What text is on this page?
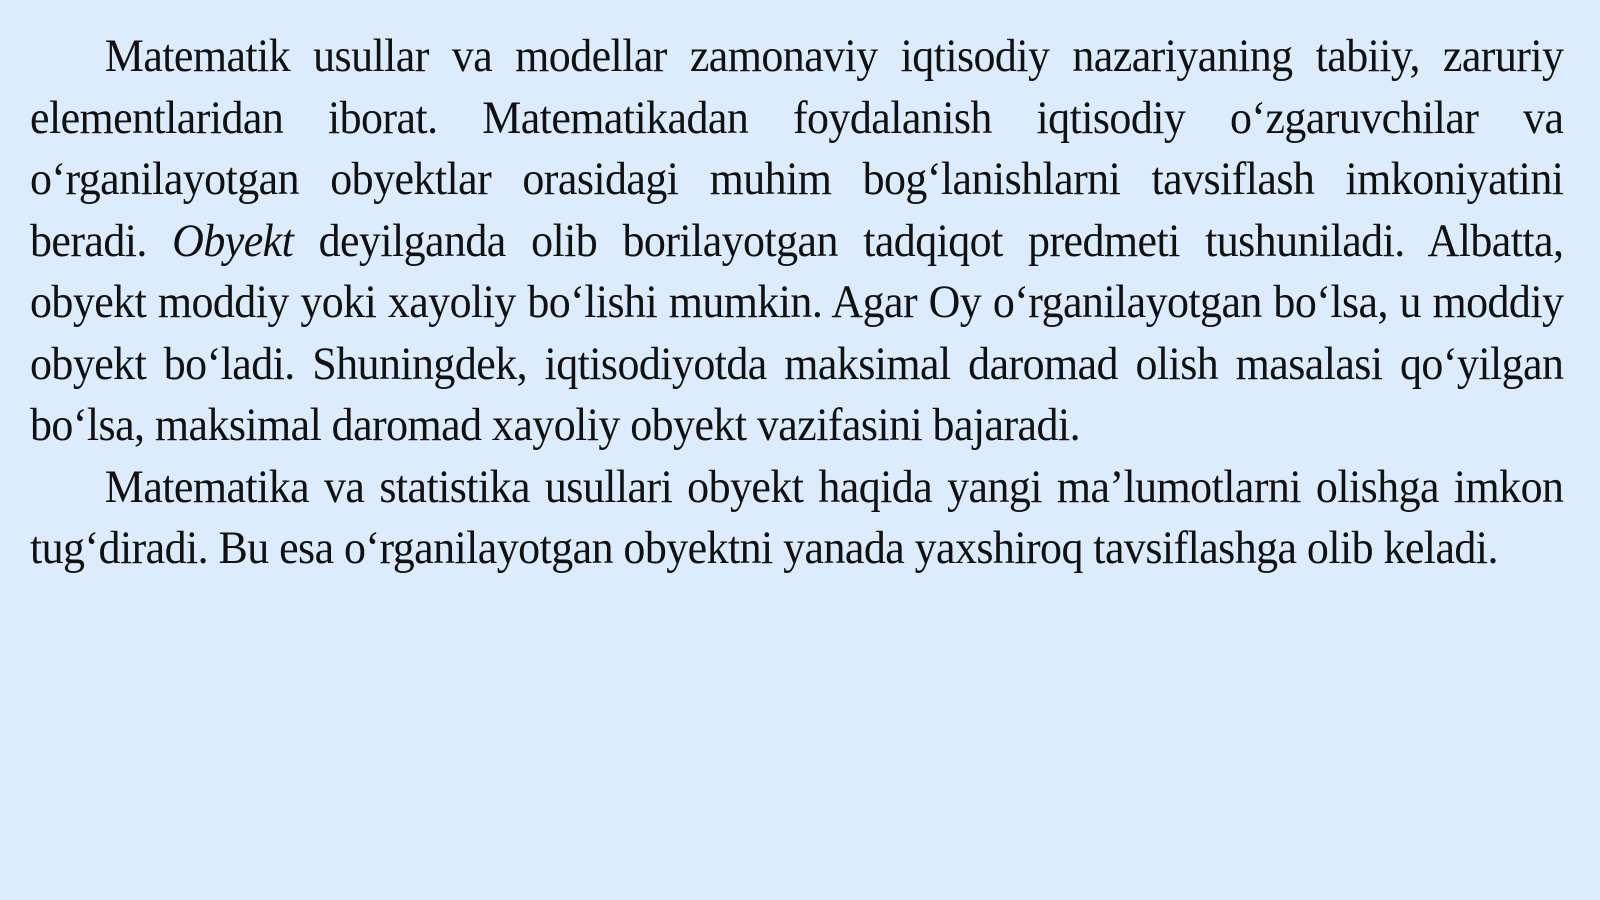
Matematik usullar va modellar zamonaviy iqtisodiy nazariyaning tabiiy, zaruriy elementlaridan iborat. Matematikadan foydalanish iqtisodiy o‘zgaruvchilar va o‘rganilayotgan obyektlar orasidagi muhim bog‘lanishlarni tavsiflash imkoniyatini beradi. Obyekt deyilganda olib borilayotgan tadqiqot predmeti tushuniladi. Albatta, obyekt moddiy yoki xayoliy bo‘lishi mumkin. Agar Oy o‘rganilayotgan bo‘lsa, u moddiy obyekt bo‘ladi. Shuningdek, iqtisodiyotda maksimal daromad olish masalasi qo‘yilgan bo‘lsa, maksimal daromad xayoliy obyekt vazifasini bajaradi.

Matematika va statistika usullari obyekt haqida yangi ma’lumotlarni olishga imkon tug‘diradi. Bu esa o‘rganilayotgan obyektni yanada yaxshiroq tavsiflashga olib keladi.
